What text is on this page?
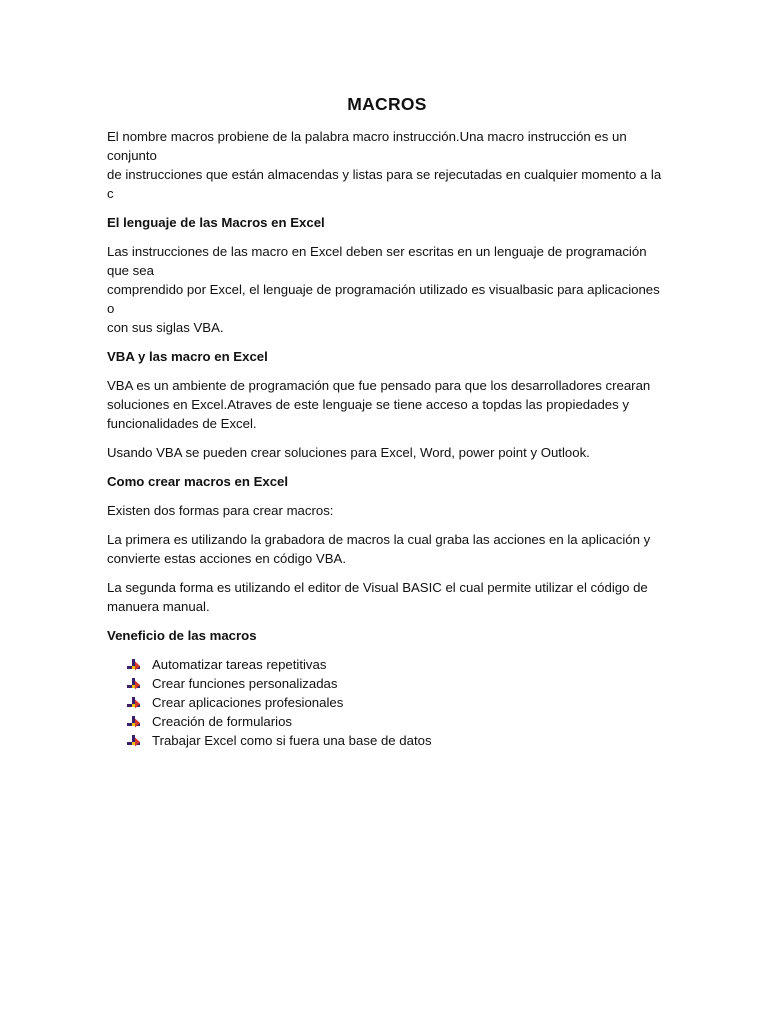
MACROS
El nombre macros probiene de la palabra macro instrucción.Una macro instrucción es un conjunto
de instrucciones que están almacendas y listas para se rejecutadas en cualquier momento a la c
El lenguaje de las Macros en Excel
Las instrucciones de las macro en Excel deben ser escritas en un lenguaje de programación que sea
comprendido por Excel, el lenguaje de programación utilizado es visualbasic para aplicaciones o
con sus siglas VBA.
VBA y las macro en Excel
VBA es un ambiente de programación que fue pensado para que los desarrolladores crearan
soluciones en Excel.Atraves de este lenguaje se tiene acceso a topdas las propiedades y
funcionalidades de Excel.
Usando VBA se pueden crear soluciones para Excel, Word, power point y Outlook.
Como crear macros en Excel
Existen dos formas para crear macros:
La primera es utilizando la grabadora de macros la cual graba las acciones en la aplicación y
convierte estas acciones en código VBA.
La segunda forma es utilizando el editor de Visual BASIC el cual permite utilizar el código de
manuera manual.
Veneficio de las macros
Automatizar tareas repetitivas
Crear funciones personalizadas
Crear aplicaciones profesionales
Creación de formularios
Trabajar Excel como si fuera una base de datos
